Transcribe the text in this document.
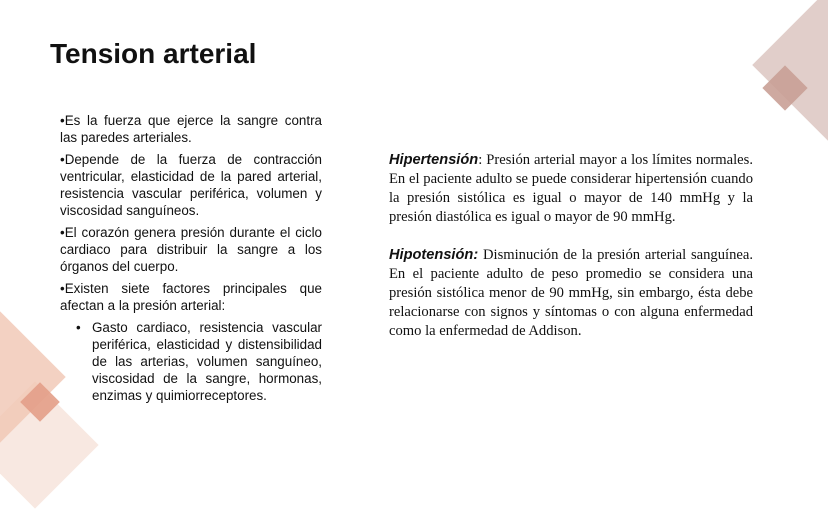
Tension arterial

•Es la fuerza que ejerce la sangre contra las paredes arteriales.

•Depende de la fuerza de contracción ventricular, elasticidad de la pared arterial, resistencia vascular periférica, volumen y viscosidad sanguíneos.

•El corazón genera presión durante el ciclo cardiaco para distribuir la sangre a los órganos del cuerpo.

•Existen siete factores principales que afectan a la presión arterial:

• Gasto cardiaco, resistencia vascular periférica, elasticidad y distensibilidad de las arterias, volumen sanguíneo, viscosidad de la sangre, hormonas, enzimas y quimiorreceptores.

Hipertensión: Presión arterial mayor a los límites normales. En el paciente adulto se puede considerar hipertensión cuando la presión sistólica es igual o mayor de 140 mmHg y la presión diastólica es igual o mayor de 90 mmHg.

Hipotensión: Disminución de la presión arterial sanguínea. En el paciente adulto de peso promedio se considera una presión sistólica menor de 90 mmHg, sin embargo, ésta debe relacionarse con signos y síntomas o con alguna enfermedad como la enfermedad de Addison.
